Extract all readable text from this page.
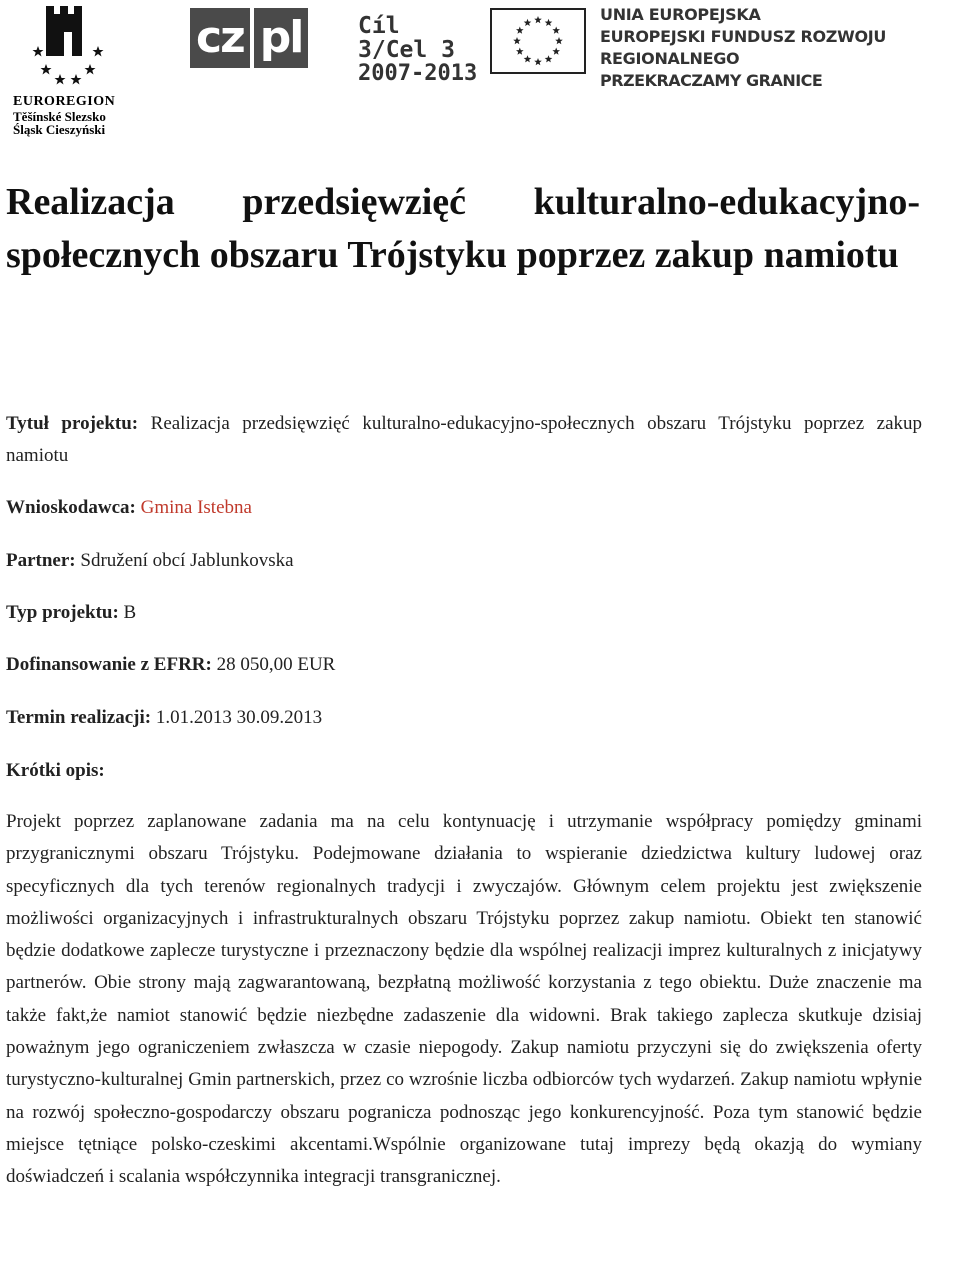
EUROREGION
Těšínské Slezsko
Śląsk Cieszyński
cz pl Cíl 3/Cel 3
2007-2013
UNIA EUROPEJSKA
EUROPEJSKI FUNDUSZ ROZWOJU REGIONALNEGO
PRZEKRACZAMY GRANICE
Realizacja przedsięwzięć kulturalno-edukacyjno-społecznych obszaru Trójstyku poprzez zakup namiotu
Tytuł projektu: Realizacja przedsięwzięć kulturalno-edukacyjno-społecznych obszaru Trójstyku poprzez zakup namiotu
Wnioskodawca: Gmina Istebna
Partner: Sdružení obcí Jablunkovska
Typ projektu: B
Dofinansowanie z EFRR: 28 050,00 EUR
Termin realizacji: 1.01.2013 30.09.2013
Krótki opis:
Projekt poprzez zaplanowane zadania ma na celu kontynuację i utrzymanie współpracy pomiędzy gminami przygranicznymi obszaru Trójstyku. Podejmowane działania to wspieranie dziedzictwa kultury ludowej oraz specyficznych dla tych terenów regionalnych tradycji i zwyczajów. Głównym celem projektu jest zwiększenie możliwości organizacyjnych i infrastrukturalnych obszaru Trójstyku poprzez zakup namiotu. Obiekt ten stanowić będzie dodatkowe zaplecze turystyczne i przeznaczony będzie dla wspólnej realizacji imprez kulturalnych z inicjatywy partnerów. Obie strony mają zagwarantowaną, bezpłatną możliwość korzystania z tego obiektu. Duże znaczenie ma także fakt,że namiot stanowić będzie niezbędne zadaszenie dla widowni. Brak takiego zaplecza skutkuje dzisiaj poważnym jego ograniczeniem zwłaszcza w czasie niepogody. Zakup namiotu przyczyni się do zwiększenia oferty turystyczno-kulturalnej Gmin partnerskich, przez co wzrośnie liczba odbiorców tych wydarzeń. Zakup namiotu wpłynie na rozwój społeczno-gospodarczy obszaru pogranicza podnosząc jego konkurencyjność. Poza tym stanowić będzie miejsce tętniące polsko-czeskimi akcentami.Wspólnie organizowane tutaj imprezy będą okazją do wymiany doświadczeń i scalania współczynnika integracji transgranicznej.
